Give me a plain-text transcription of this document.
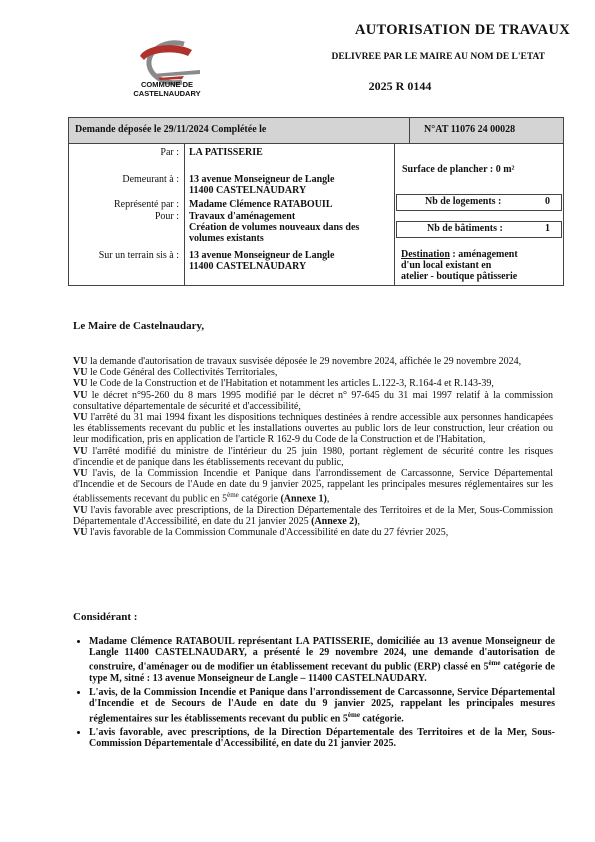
COMMUNE DE
CASTELNAUDARY
AUTORISATION DE TRAVAUX
DELIVREE PAR LE MAIRE AU NOM DE L'ETAT
2025 R 0144
Demande déposée le 29/11/2024 Complétée le	N°AT 11076 24 00028
Par : LA PATISSERIE
Demeurant à : 13 avenue Monseigneur de Langle
11400 CASTELNAUDARY
Représenté par : Madame Clémence RATABOUIL
Pour : Travaux d'aménagement
Création de volumes nouveaux dans des
volumes existants
Sur un terrain sis à : 13 avenue Monseigneur de Langle
11400 CASTELNAUDARY
Surface de plancher : 0 m²
Nb de logements :	0
Nb de bâtiments :	1
Destination : aménagement
d'un local existant en
atelier - boutique pâtisserie
Le Maire de Castelnaudary,
VU la demande d'autorisation de travaux susvisée déposée le 29 novembre 2024, affichée le 29 novembre 2024,
VU le Code Général des Collectivités Territoriales,
VU le Code de la Construction et de l'Habitation et notamment les articles L.122-3, R.164-4 et R.143-39,
VU le décret n°95-260 du 8 mars 1995 modifié par le décret n° 97-645 du 31 mai 1997 relatif à la commission consultative départementale de sécurité et d'accessibilité,
VU l'arrêté du 31 mai 1994 fixant les dispositions techniques destinées à rendre accessible aux personnes handicapées les établissements recevant du public et les installations ouvertes au public lors de leur construction, leur création ou leur modification, pris en application de l'article R 162-9 du Code de la Construction et de l'Habitation,
VU l'arrêté modifié du ministre de l'intérieur du 25 juin 1980, portant règlement de sécurité contre les risques d'incendie et de panique dans les établissements recevant du public,
VU l'avis, de la Commission Incendie et Panique dans l'arrondissement de Carcassonne, Service Départemental d'Incendie et de Secours de l'Aude en date du 9 janvier 2025, rappelant les principales mesures réglementaires sur les établissements recevant du public en 5ème catégorie (Annexe 1),
VU l'avis favorable avec prescriptions, de la Direction Départementale des Territoires et de la Mer, Sous-Commission Départementale d'Accessibilité, en date du 21 janvier 2025 (Annexe 2),
VU l'avis favorable de la Commission Communale d'Accessibilité en date du 27 février 2025,
Considérant :
• Madame Clémence RATABOUIL représentant LA PATISSERIE, domiciliée au 13 avenue Monseigneur de Langle 11400 CASTELNAUDARY, a présenté le 29 novembre 2024, une demande d'autorisation de construire, d'aménager ou de modifier un établissement recevant du public (ERP) classé en 5ème catégorie de type M, sitné : 13 avenue Monseigneur de Langle – 11400 CASTELNAUDARY.
• L'avis, de la Commission Incendie et Panique dans l'arrondissement de Carcassonne, Service Départemental d'Incendie et de Secours de l'Aude en date du 9 janvier 2025, rappelant les principales mesures réglementaires sur les établissements recevant du public en 5ème catégorie.
• L'avis favorable, avec prescriptions, de la Direction Départementale des Territoires et de la Mer, Sous-Commission Départementale d'Accessibilité, en date du 21 janvier 2025.
